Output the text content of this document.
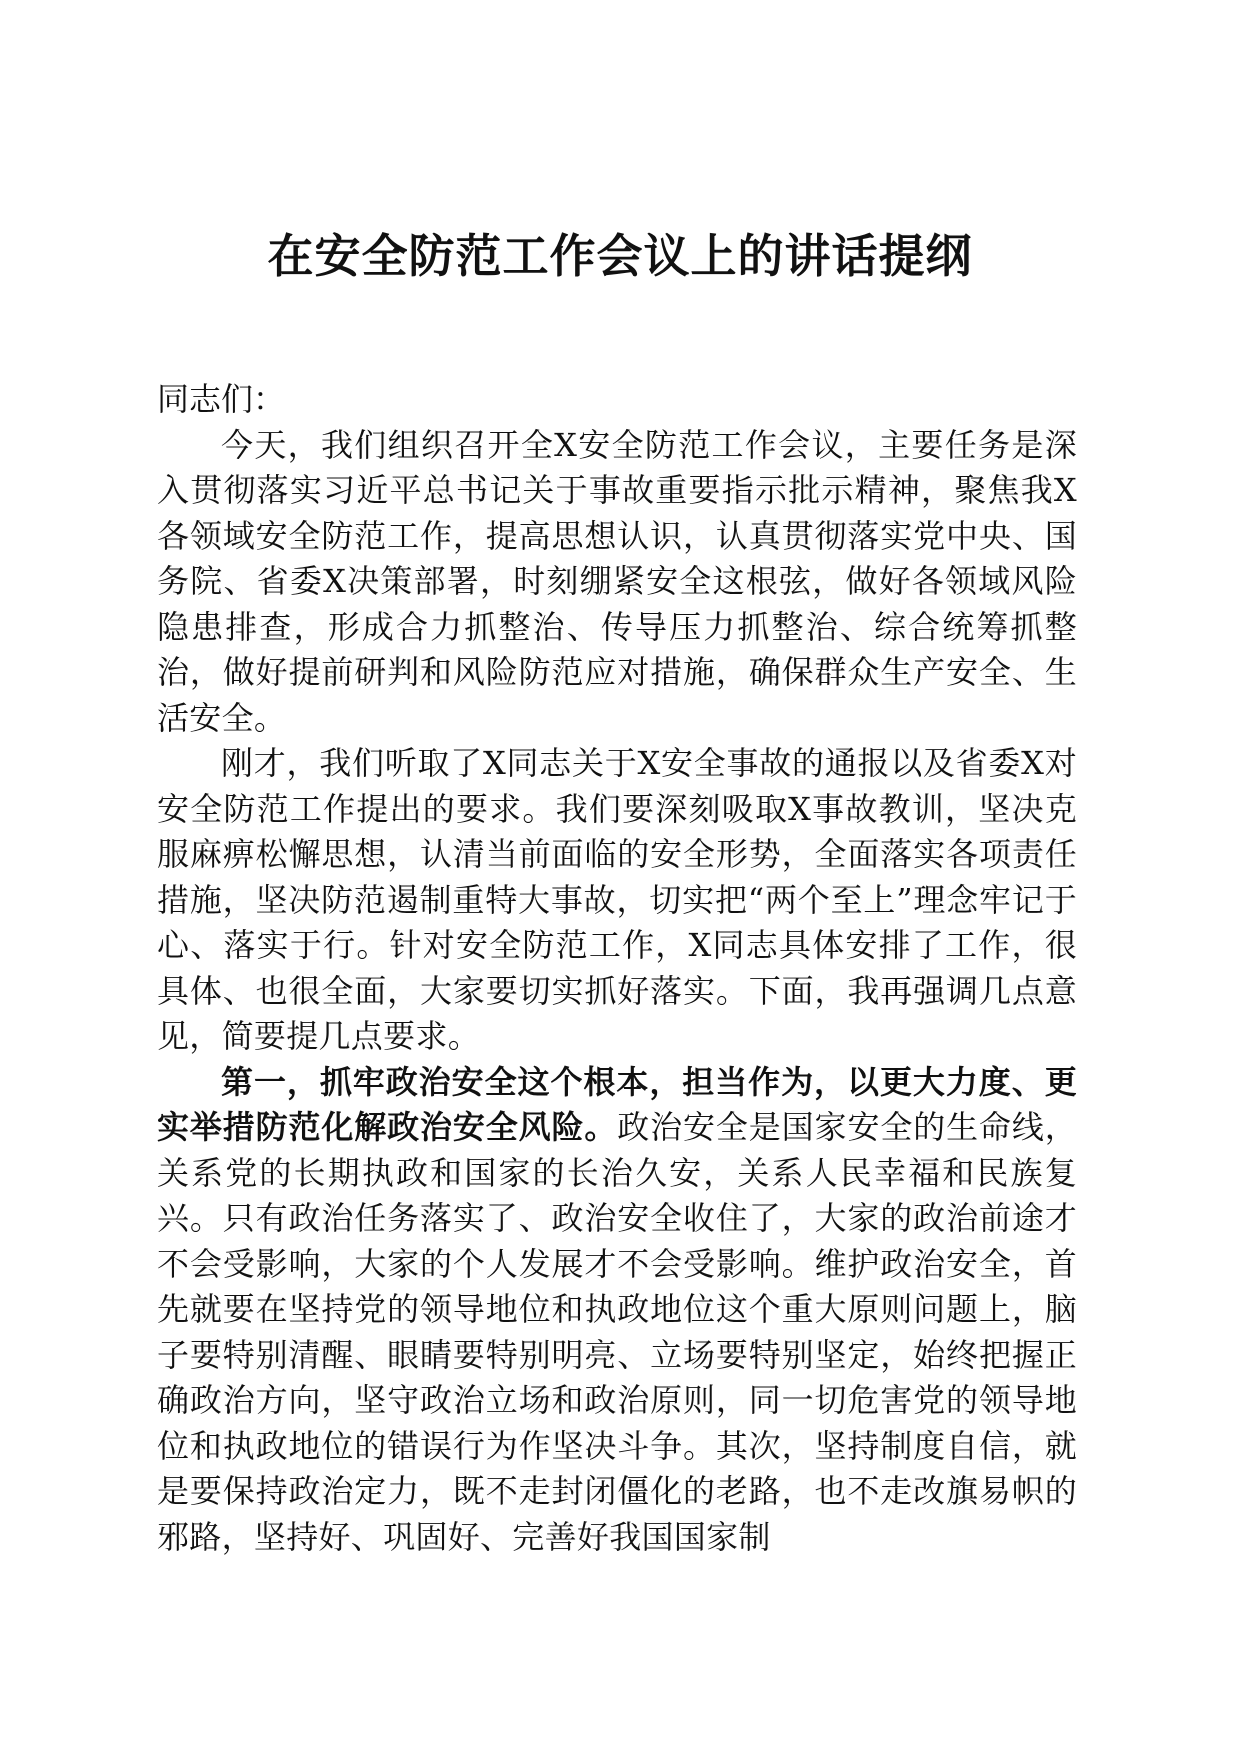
在安全防范工作会议上的讲话提纲

同志们：

今天，我们组织召开全X安全防范工作会议，主要任务是深入贯彻落实习近平总书记关于事故重要指示批示精神，聚焦我X各领域安全防范工作，提高思想认识，认真贯彻落实党中央、国务院、省委X决策部署，时刻绷紧安全这根弦，做好各领域风险隐患排查，形成合力抓整治、传导压力抓整治、综合统筹抓整治，做好提前研判和风险防范应对措施，确保群众生产安全、生活安全。

刚才，我们听取了X同志关于X安全事故的通报以及省委X对安全防范工作提出的要求。我们要深刻吸取X事故教训，坚决克服麻痹松懈思想，认清当前面临的安全形势，全面落实各项责任措施，坚决防范遏制重特大事故，切实把“两个至上”理念牢记于心、落实于行。针对安全防范工作，X同志具体安排了工作，很具体、也很全面，大家要切实抓好落实。下面，我再强调几点意见，简要提几点要求。

第一，抓牢政治安全这个根本，担当作为，以更大力度、更实举措防范化解政治安全风险。政治安全是国家安全的生命线，关系党的长期执政和国家的长治久安，关系人民幸福和民族复兴。只有政治任务落实了、政治安全收住了，大家的政治前途才不会受影响，大家的个人发展才不会受影响。维护政治安全，首先就要在坚持党的领导地位和执政地位这个重大原则问题上，脑子要特别清醒、眼睛要特别明亮、立场要特别坚定，始终把握正确政治方向，坚守政治立场和政治原则，同一切危害党的领导地位和执政地位的错误行为作坚决斗争。其次，坚持制度自信，就是要保持政治定力，既不走封闭僵化的老路，也不走改旗易帜的邪路，坚持好、巩固好、完善好我国国家制
